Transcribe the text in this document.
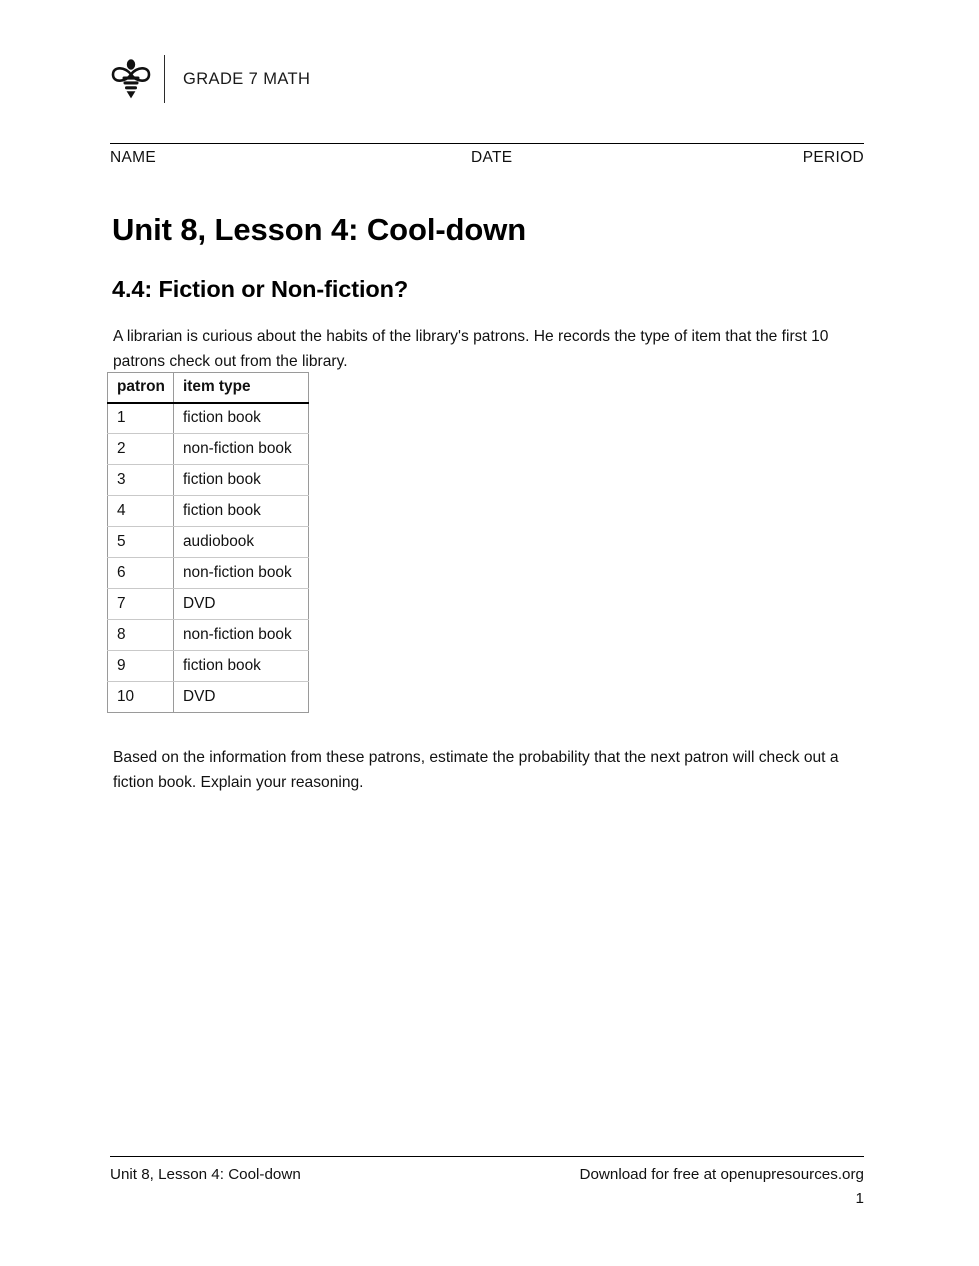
GRADE 7 MATH
NAME	DATE	PERIOD
Unit 8, Lesson 4: Cool-down
4.4: Fiction or Non-fiction?

A librarian is curious about the habits of the library's patrons. He records the type of item that the first 10 patrons check out from the library.

patron	item type
1	fiction book
2	non-fiction book
3	fiction book
4	fiction book
5	audiobook
6	non-fiction book
7	DVD
8	non-fiction book
9	fiction book
10	DVD

Based on the information from these patrons, estimate the probability that the next patron will check out a fiction book. Explain your reasoning.

Unit 8, Lesson 4: Cool-down	Download for free at openupresources.org
1
